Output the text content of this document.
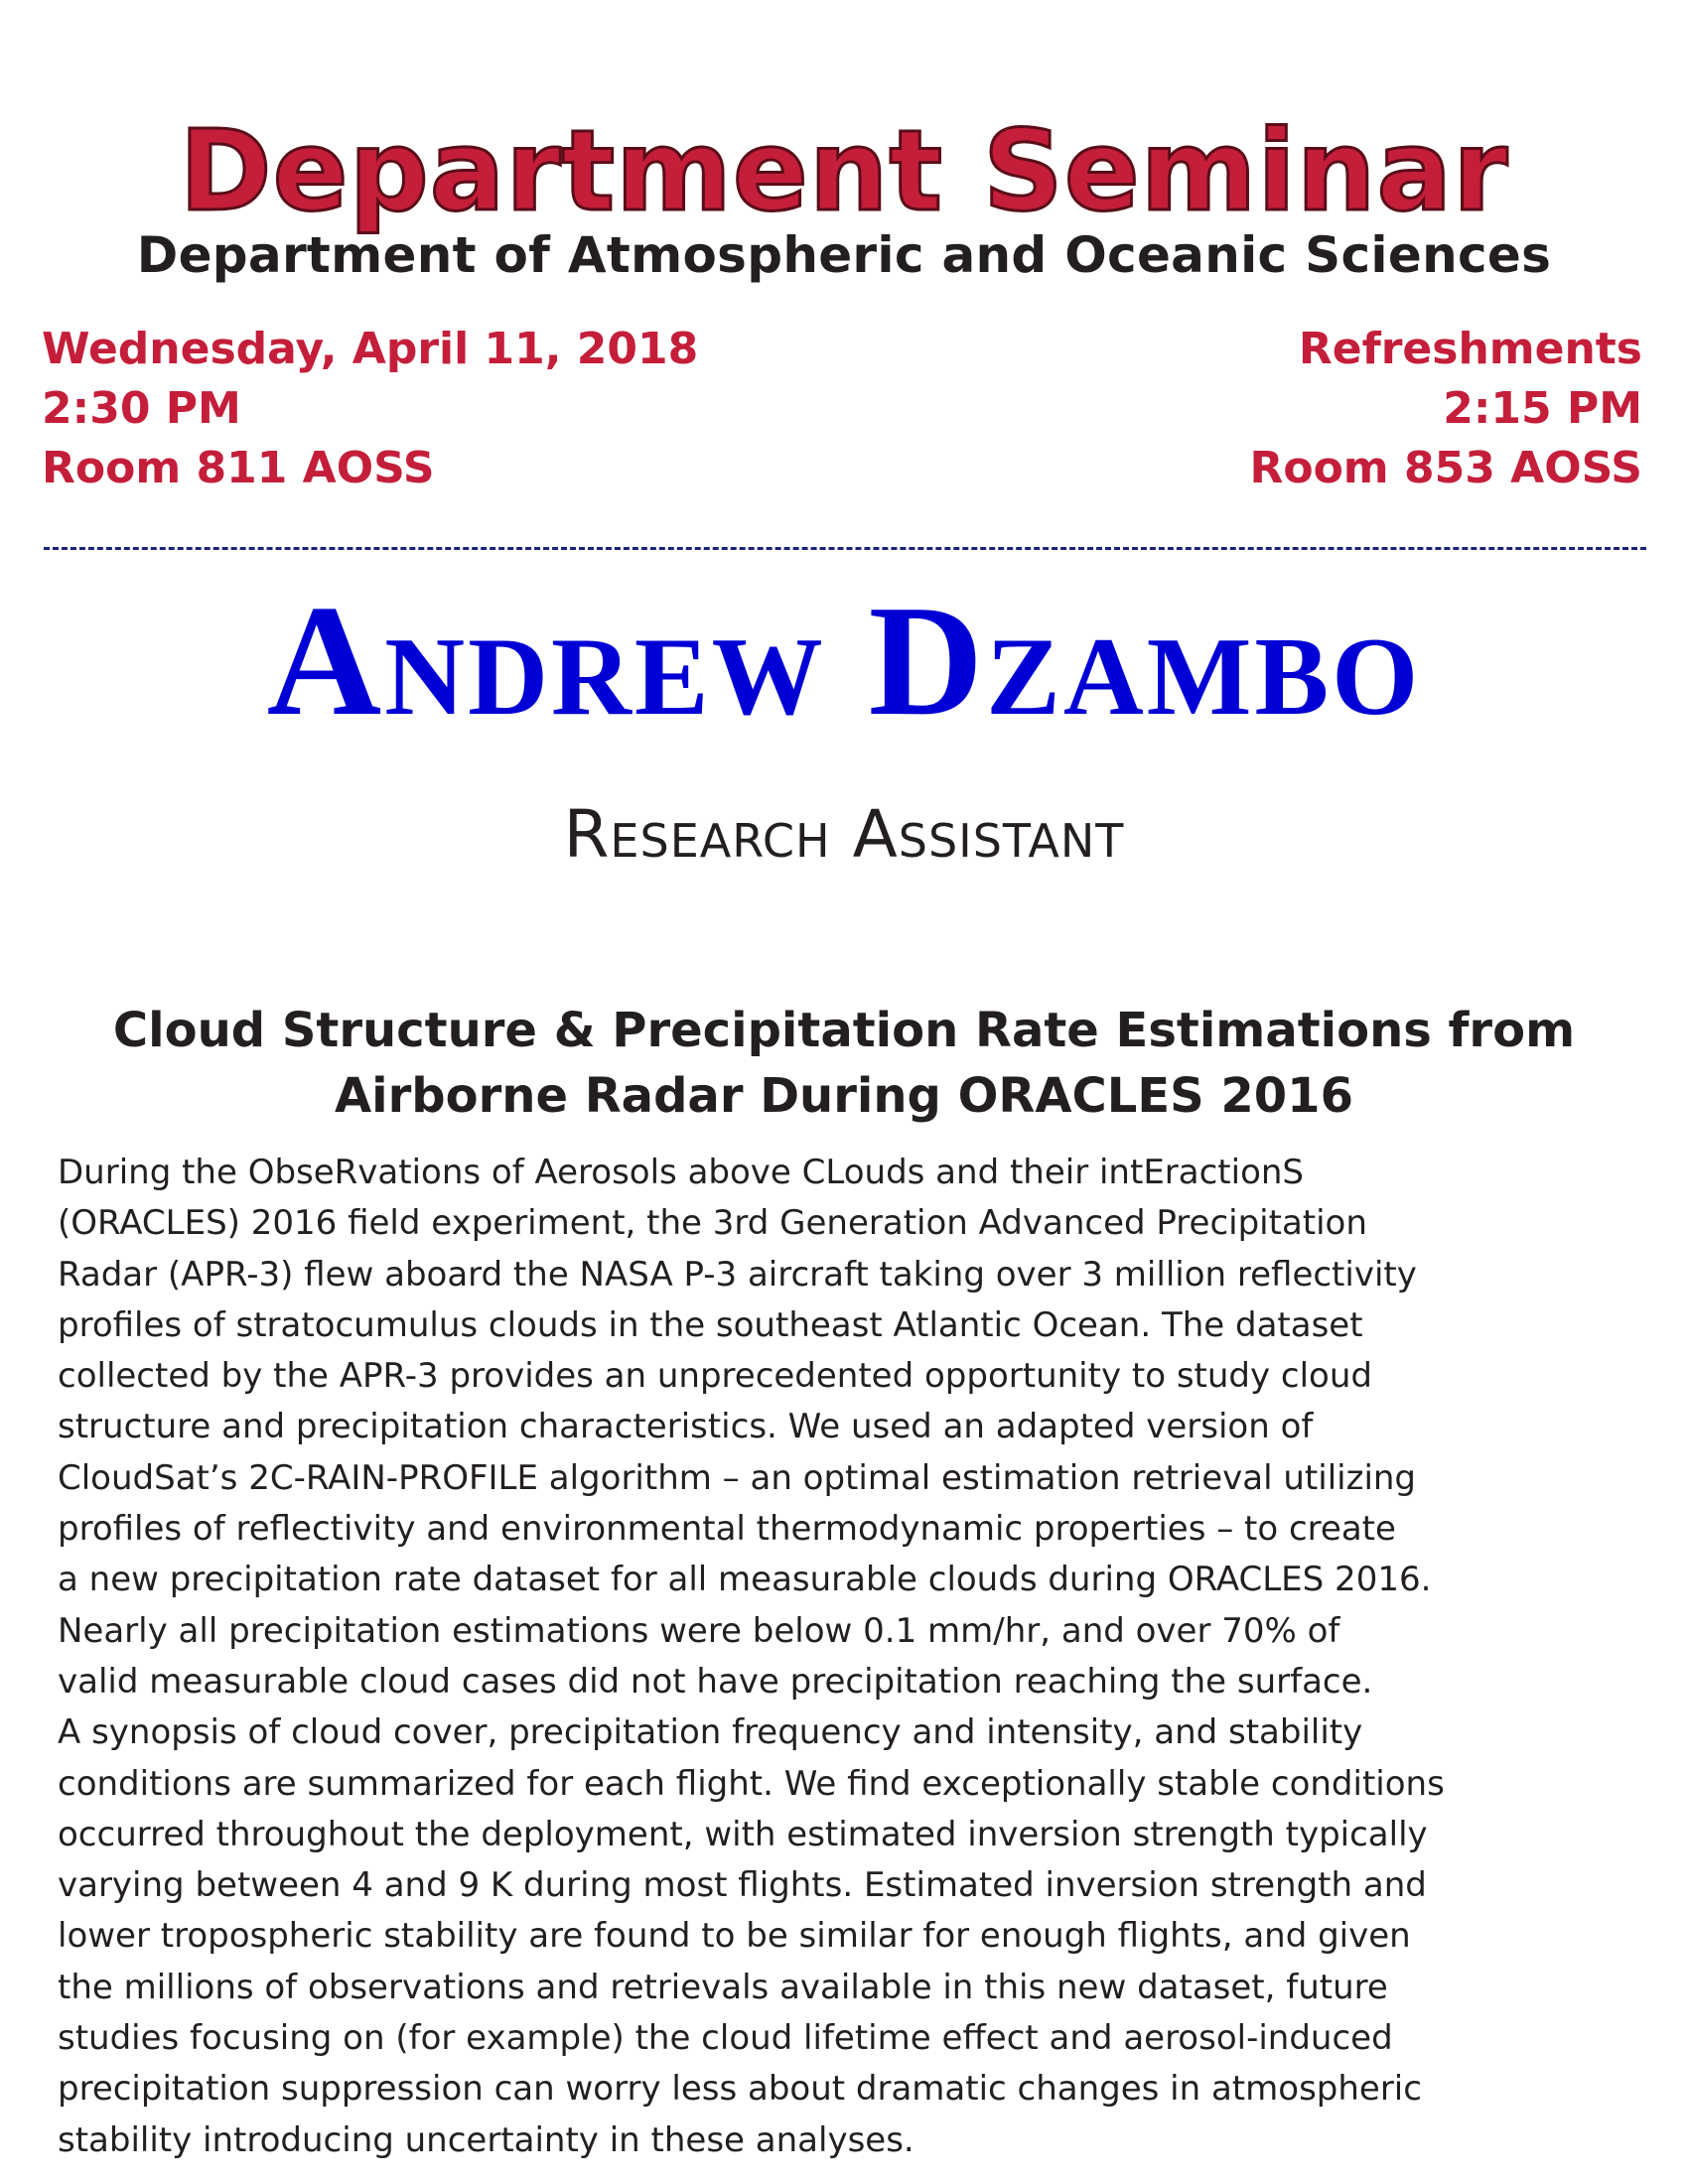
Department Seminar
Department of Atmospheric and Oceanic Sciences
Wednesday, April 11, 2018
2:30 PM
Room 811 AOSS
Refreshments
2:15 PM
Room 853 AOSS
Andrew Dzambo
Research Assistant
Cloud Structure & Precipitation Rate Estimations from
Airborne Radar During ORACLES 2016
During the ObseRvations of Aerosols above CLouds and their intEractionS
(ORACLES) 2016 field experiment, the 3rd Generation Advanced Precipitation
Radar (APR-3) flew aboard the NASA P-3 aircraft taking over 3 million reflectivity
profiles of stratocumulus clouds in the southeast Atlantic Ocean. The dataset
collected by the APR-3 provides an unprecedented opportunity to study cloud
structure and precipitation characteristics. We used an adapted version of
CloudSat’s 2C-RAIN-PROFILE algorithm – an optimal estimation retrieval utilizing
profiles of reflectivity and environmental thermodynamic properties – to create
a new precipitation rate dataset for all measurable clouds during ORACLES 2016.
Nearly all precipitation estimations were below 0.1 mm/hr, and over 70% of
valid measurable cloud cases did not have precipitation reaching the surface.
A synopsis of cloud cover, precipitation frequency and intensity, and stability
conditions are summarized for each flight. We find exceptionally stable conditions
occurred throughout the deployment, with estimated inversion strength typically
varying between 4 and 9 K during most flights. Estimated inversion strength and
lower tropospheric stability are found to be similar for enough flights, and given
the millions of observations and retrievals available in this new dataset, future
studies focusing on (for example) the cloud lifetime effect and aerosol-induced
precipitation suppression can worry less about dramatic changes in atmospheric
stability introducing uncertainty in these analyses.
